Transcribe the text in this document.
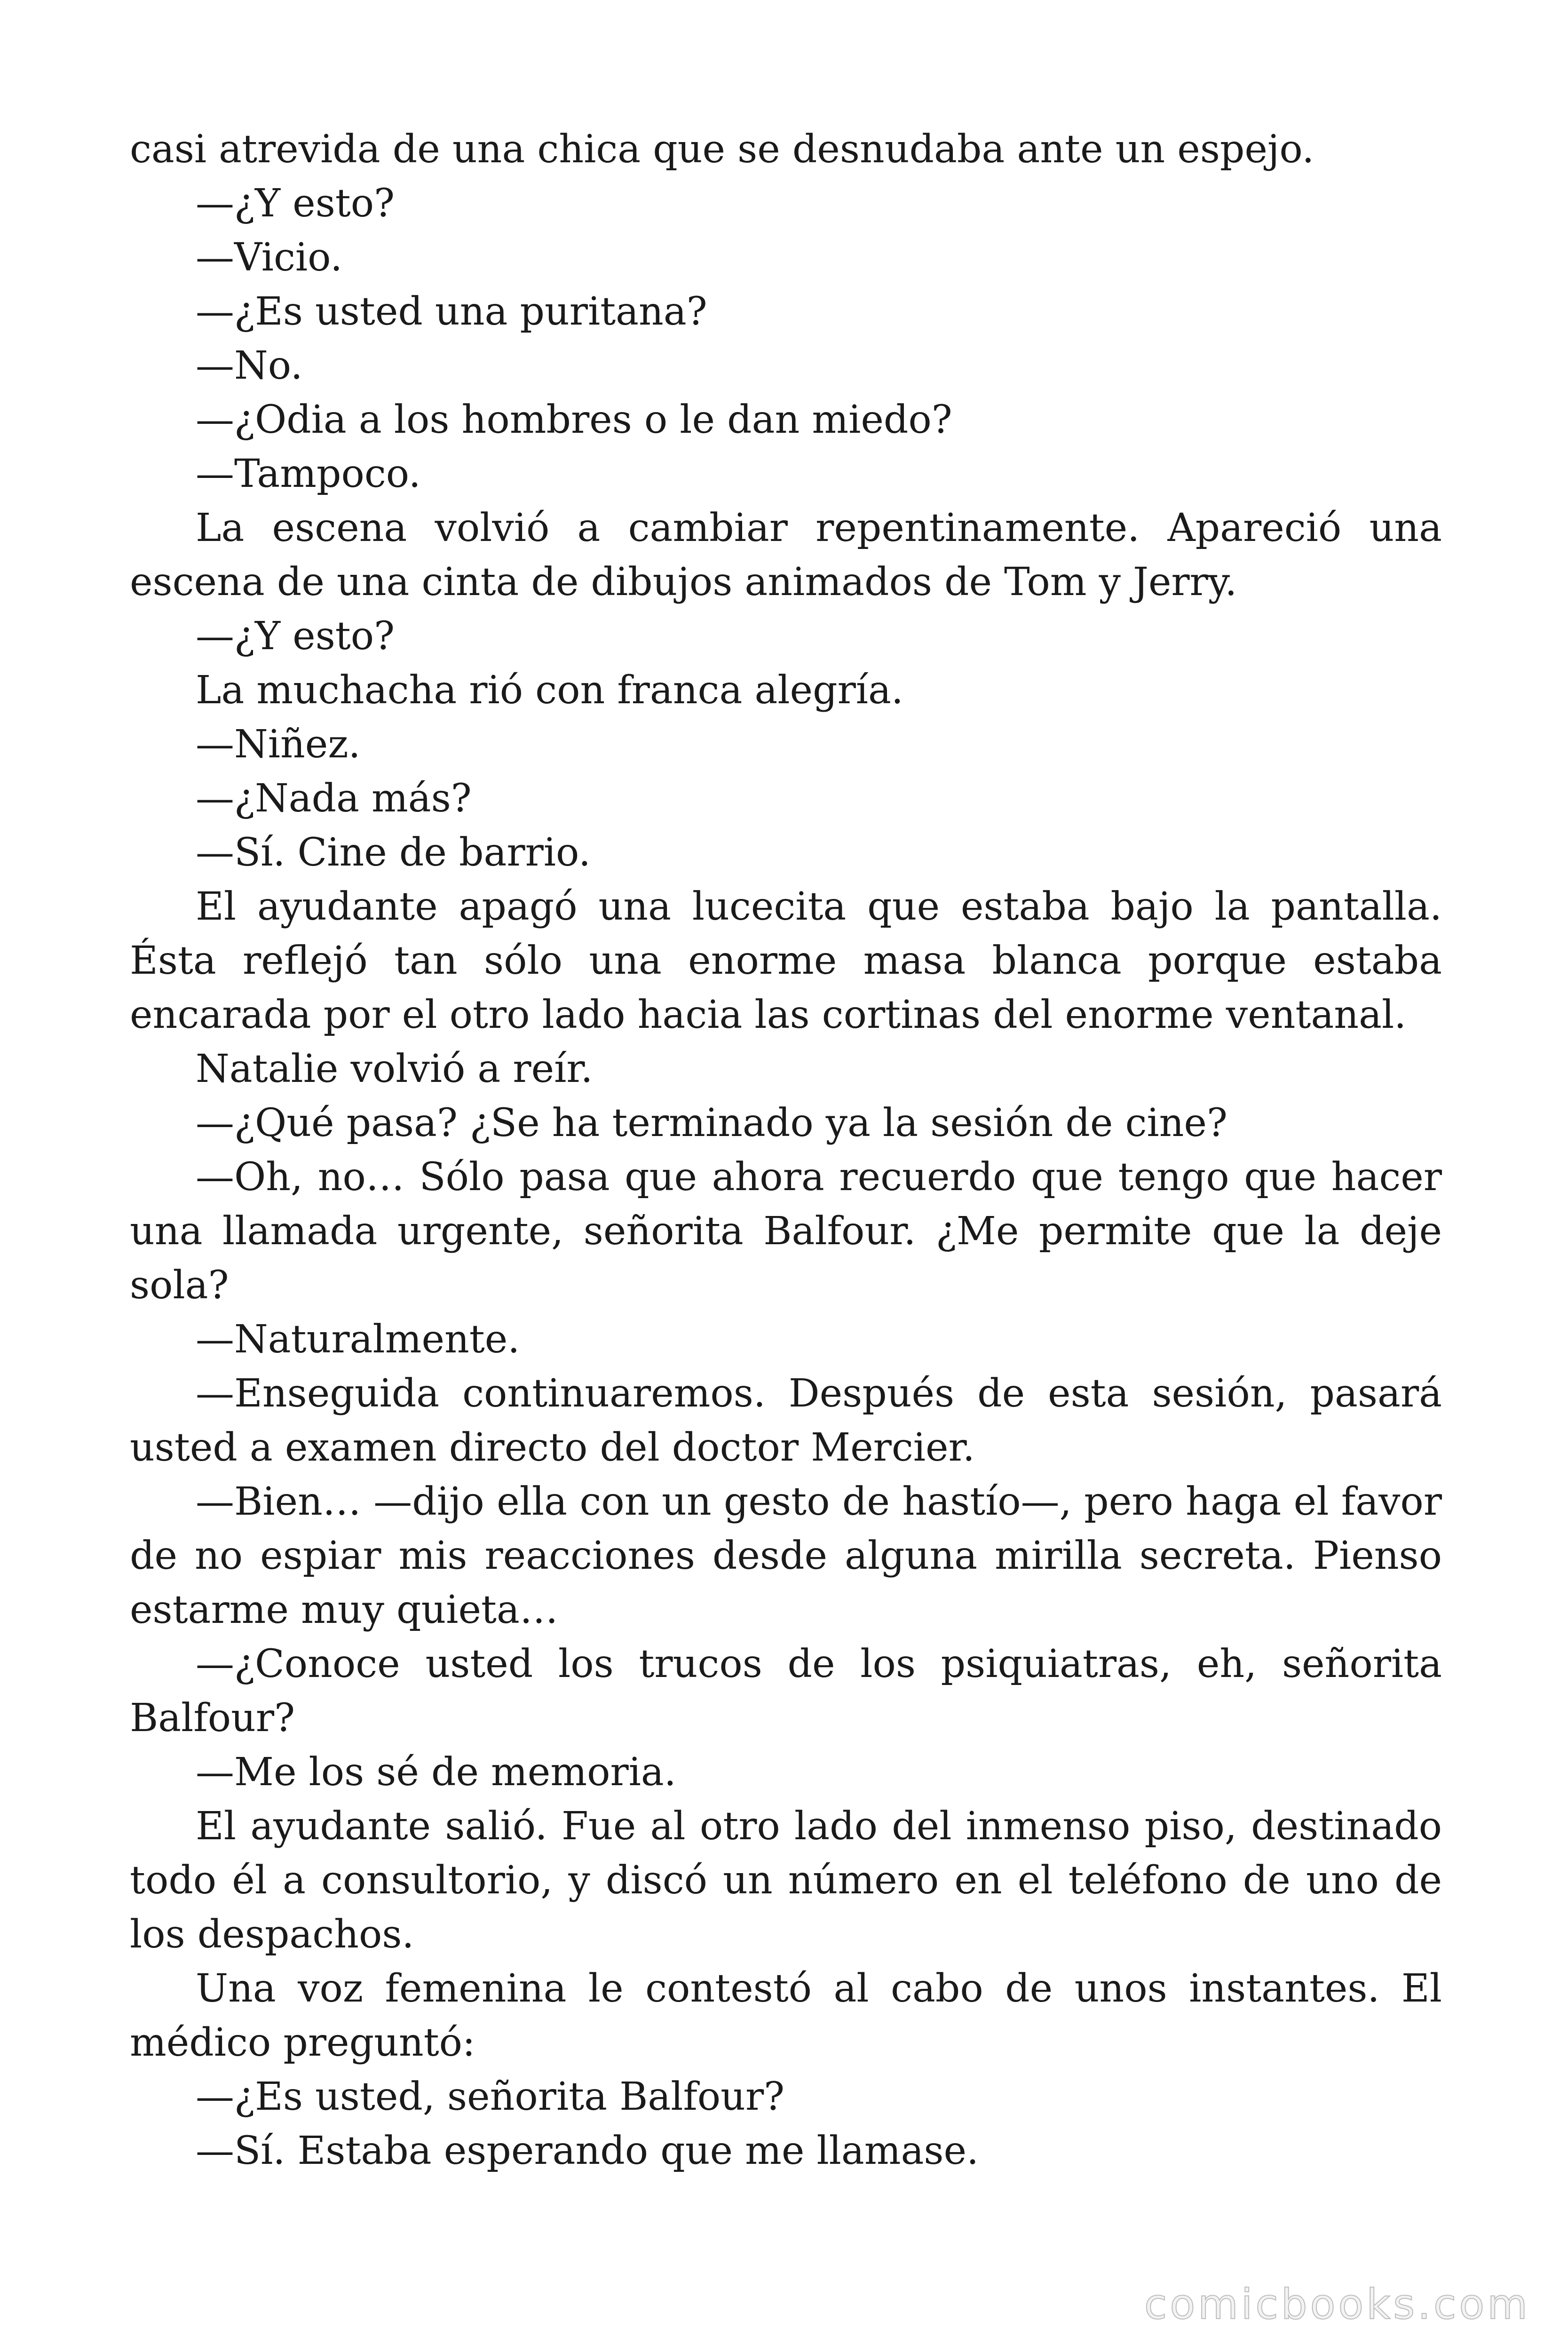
casi atrevida de una chica que se desnudaba ante un espejo.

—¿Y esto?

—Vicio.

—¿Es usted una puritana?

—No.

—¿Odia a los hombres o le dan miedo?

—Tampoco.

La escena volvió a cambiar repentinamente. Apareció una escena de una cinta de dibujos animados de Tom y Jerry.

—¿Y esto?

La muchacha rió con franca alegría.

—Niñez.

—¿Nada más?

—Sí. Cine de barrio.

El ayudante apagó una lucecita que estaba bajo la pantalla. Ésta reflejó tan sólo una enorme masa blanca porque estaba encarada por el otro lado hacia las cortinas del enorme ventanal.

Natalie volvió a reír.

—¿Qué pasa? ¿Se ha terminado ya la sesión de cine?

—Oh, no… Sólo pasa que ahora recuerdo que tengo que hacer una llamada urgente, señorita Balfour. ¿Me permite que la deje sola?

—Naturalmente.

—Enseguida continuaremos. Después de esta sesión, pasará usted a examen directo del doctor Mercier.

—Bien… —dijo ella con un gesto de hastío—, pero haga el favor de no espiar mis reacciones desde alguna mirilla secreta. Pienso estarme muy quieta…

—¿Conoce usted los trucos de los psiquiatras, eh, señorita Balfour?

—Me los sé de memoria.

El ayudante salió. Fue al otro lado del inmenso piso, destinado todo él a consultorio, y discó un número en el teléfono de uno de los despachos.

Una voz femenina le contestó al cabo de unos instantes. El médico preguntó:

—¿Es usted, señorita Balfour?

—Sí. Estaba esperando que me llamase.

comicbooks.com
